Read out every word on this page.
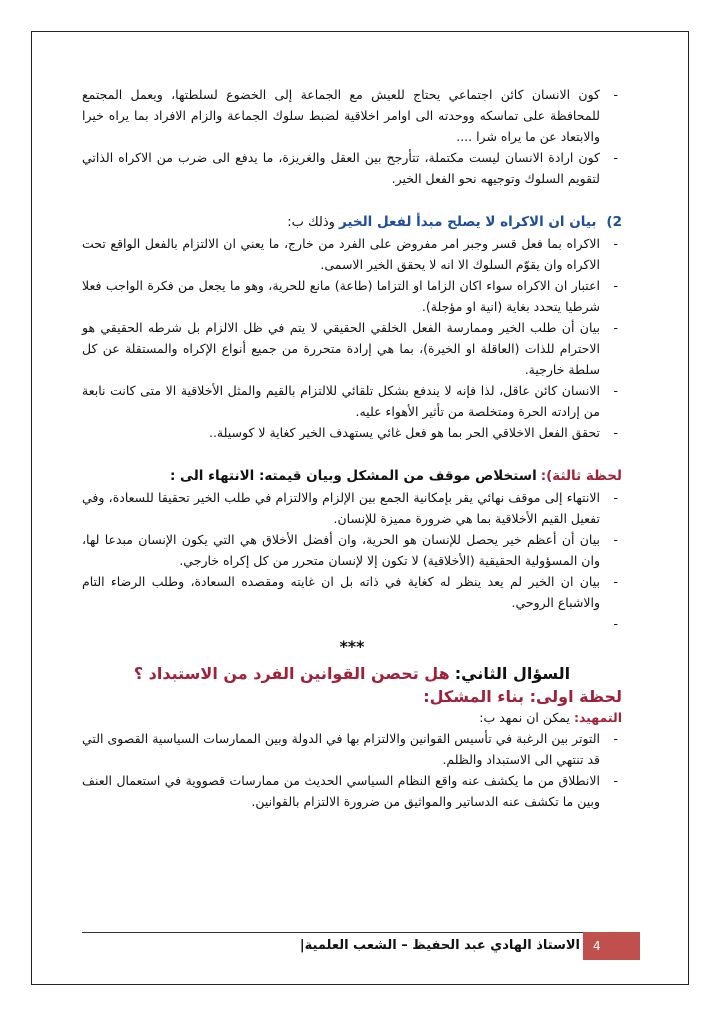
- كون الانسان كائن اجتماعي يحتاج للعيش مع الجماعة إلى الخضوع لسلطتها، ويعمل المجتمع للمحافظة على تماسكه ووحدته الى اوامر اخلاقية لضبط سلوك الجماعة والزام الافراد بما يراه خيرا والابتعاد عن ما يراه شرا ....
- كون ارادة الانسان ليست مكتملة، تتأرجح بين العقل والغريزة، ما يدفع الى ضرب من الاكراه الذاتي لتقويم السلوك وتوجيهه نحو الفعل الخير.
2) بيان ان الاكراه لا يصلح مبدأ لفعل الخير وذلك ب:
- الاكراه بما فعل قسر وجبر امر مفروض على الفرد من خارج، ما يعني ان الالتزام بالفعل الواقع تحت الاكراه وان يقوّم السلوك الا انه لا يحقق الخير الاسمى.
- اعتبار ان الاكراه سواء اكان الزاما او التزاما (طاعة) مانع للحرية، وهو ما يجعل من فكرة الواجب فعلا شرطيا يتحدد بغاية (انية او مؤجلة).
- بيان أن طلب الخير وممارسة الفعل الخلقي الحقيقي لا يتم في ظل الالزام بل شرطه الحقيقي هو الاحترام للذات (العاقلة او الخيرة)، بما هي إرادة متحررة من جميع أنواع الإكراه والمستقلة عن كل سلطة خارجية.
- الانسان كائن عاقل، لذا فإنه لا يندفع بشكل تلقائي للالتزام بالقيم والمثل الأخلاقية الا متى كانت نابعة من إرادته الحرة ومتخلصة من تأثير الأهواء عليه.
- تحقق الفعل الاخلاقي الحر بما هو فعل غائي يستهدف الخير كغاية لا كوسيلة..
لحظة ثالثة): استخلاص موقف من المشكل وبيان قيمته: الانتهاء الى :
- الانتهاء إلى موقف نهائي يقر بإمكانية الجمع بين الإلزام والالتزام في طلب الخير تحقيقا للسعادة، وفي تفعيل القيم الأخلاقية بما هي ضرورة مميزة للإنسان.
- بيان أن أعظم خير يحصل للإنسان هو الحرية، وان أفضل الأخلاق هي التي يكون الإنسان مبدعا لها، وان المسؤولية الحقيقية (الأخلاقية) لا تكون إلا لإنسان متحرر من كل إكراه خارجي.
- بيان ان الخير لم يعد ينظر له كغاية في ذاته بل ان غايته ومقصده السعادة، وطلب الرضاء التام والاشباع الروحي.
-
***
السؤال الثاني: هل تحصن القوانين الفرد من الاستبداد ؟
لحظة اولى: بناء المشكل:
التمهيد: يمكن ان نمهد ب:
- التوتر بين الرغبة في تأسيس القوانين والالتزام بها في الدولة وبين الممارسات السياسية القصوى التي قد تنتهي الى الاستبداد والظلم.
- الانطلاق من ما يكشف عنه واقع النظام السياسي الحديث من ممارسات قصووية في استعمال العنف وبين ما تكشف عنه الدساتير والمواثيق من ضرورة الالتزام بالقوانين.
الاستاذ الهادي عبد الحفيظ – الشعب العلمية|	4
